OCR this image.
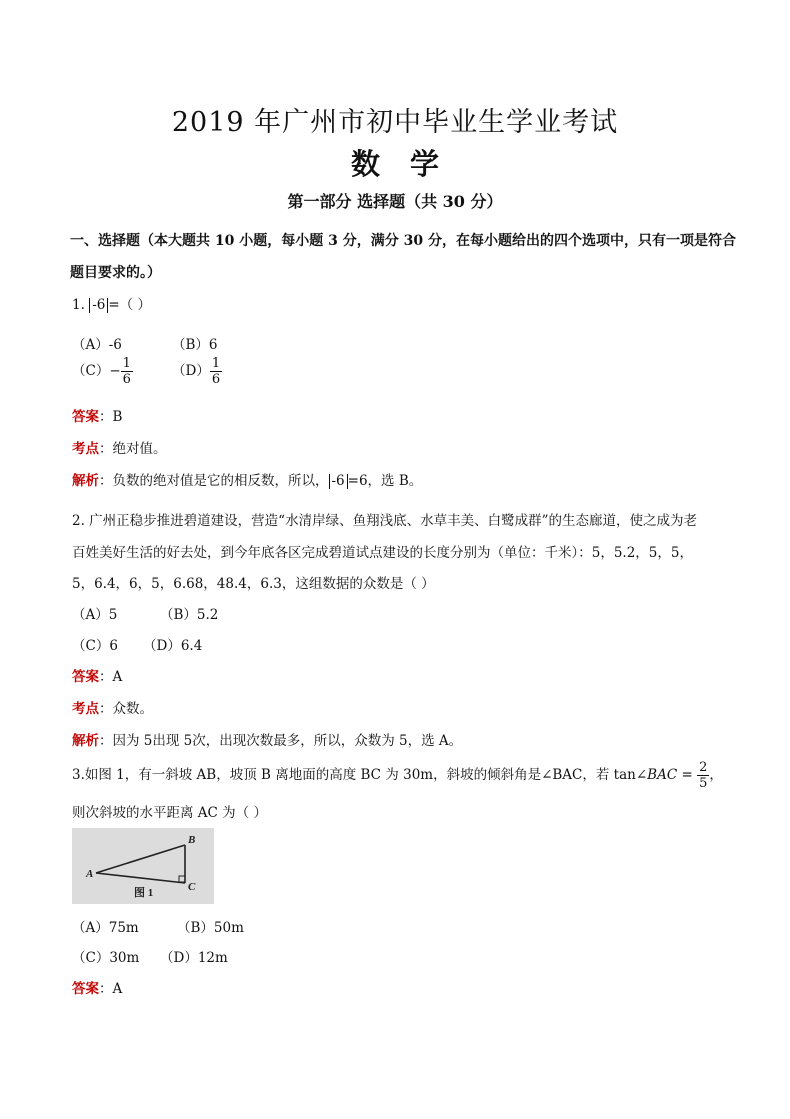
2019 年广州市初中毕业生学业考试
数 学
第一部分 选择题（共 30 分）
一、选择题（本大题共 10 小题，每小题 3 分，满分 30 分，在每小题给出的四个选项中，只有一项是符合
题目要求的。）
1. -6 =（ ）
（A）-6	（B）6
$(C)- \frac{1}{6}$	$(D) \frac{1}{6}$
答案：B
考点：绝对值。
解析：负数的绝对值是它的相反数，所以， -6 =6，选 B。
2. 广州正稳步推进碧道建设，营造“水清岸绿、鱼翔浅底、水草丰美、白鹭成群”的生态廊道，使之成为老
百姓美好生活的好去处，到今年底各区完成碧道试点建设的长度分别为（单位：千米）：5，5.2，5，5，
5，6.4，6，5，6.68，48.4，6.3，这组数据的众数是（ ）
（A）5	（B）5.2
（C）6 （D）6.4
答案：A
考点：众数。
解析：因为 5出现 5次，出现次数最多，所以，众数为 5，选 A。
3.如图 1，有一斜坡 AB，坡顶 B 离地面的高度 BC 为 30m，斜坡的倾斜角是∠BAC，若 tan∠BAC = $\frac{2}{5}$ ，
则次斜坡的水平距离 AC 为（ ）
A
B
C
图 1
（A）75m	（B）50m
（C）30m （D）12m
答案：A
